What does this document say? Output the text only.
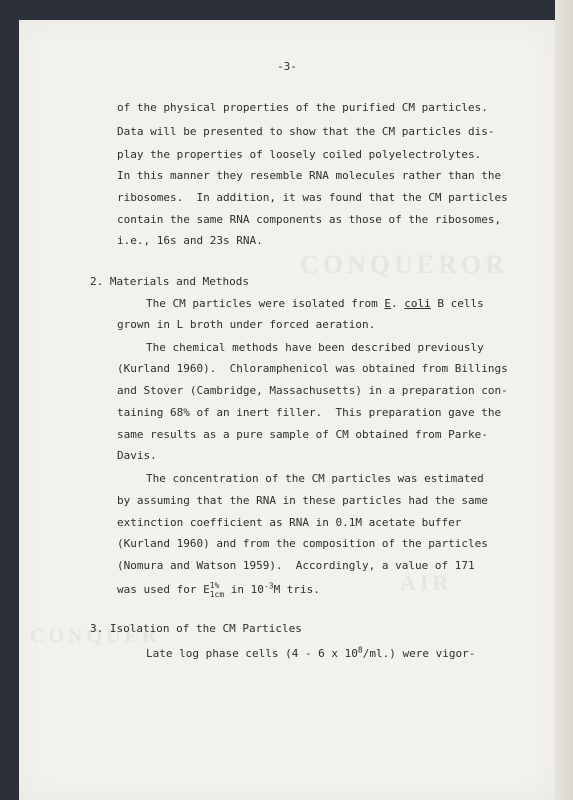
-3-
of the physical properties of the purified CM particles.
Data will be presented to show that the CM particles dis-
play the properties of loosely coiled polyelectrolytes.
In this manner they resemble RNA molecules rather than the
ribosomes.  In addition, it was found that the CM particles
contain the same RNA components as those of the ribosomes,
i.e., 16s and 23s RNA.
2. Materials and Methods
The CM particles were isolated from E. coli B cells
grown in L broth under forced aeration.
The chemical methods have been described previously
(Kurland 1960).  Chloramphenicol was obtained from Billings
and Stover (Cambridge, Massachusetts) in a preparation con-
taining 68% of an inert filler.  This preparation gave the
same results as a pure sample of CM obtained from Parke-
Davis.
The concentration of the CM particles was estimated
by assuming that the RNA in these particles had the same
extinction coefficient as RNA in 0.1M acetate buffer
(Kurland 1960) and from the composition of the particles
(Nomura and Watson 1959).  Accordingly, a value of 171
was used for E 1%
1cm in $10^{-3}M$ tris.
3. Isolation of the CM Particles
Late log phase cells (4 - 6 x $10^8/ml$.) were vigor-
